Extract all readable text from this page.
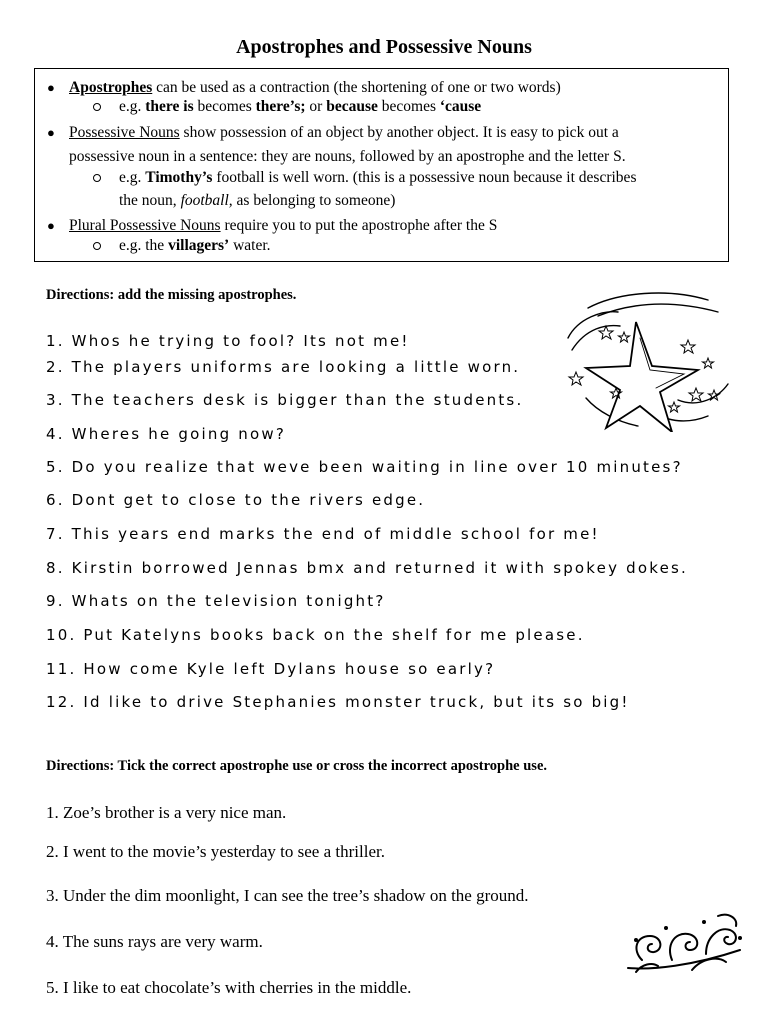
Apostrophes and Possessive Nouns
● Apostrophes can be used as a contraction (the shortening of one or two words)
e.g. there is becomes there’s; or because becomes ‘cause
● Possessive Nouns show possession of an object by another object. It is easy to pick out a
possessive noun in a sentence: they are nouns, followed by an apostrophe and the letter S.
e.g. Timothy’s football is well worn. (this is a possessive noun because it describes
the noun, football, as belonging to someone)
● Plural Possessive Nouns require you to put the apostrophe after the S
e.g. the villagers’ water.
Directions: add the missing apostrophes.
1. Whos he trying to fool? Its not me!
2. The players uniforms are looking a little worn.
3. The teachers desk is bigger than the students.
4. Wheres he going now?
5. Do you realize that weve been waiting in line over 10 minutes?
6. Dont get to close to the rivers edge.
7. This years end marks the end of middle school for me!
8. Kirstin borrowed Jennas bmx and returned it with spokey dokes.
9. Whats on the television tonight?
10. Put Katelyns books back on the shelf for me please.
11. How come Kyle left Dylans house so early?
12. Id like to drive Stephanies monster truck, but its so big!
Directions: Tick the correct apostrophe use or cross the incorrect apostrophe use.
1. Zoe’s brother is a very nice man.
2. I went to the movie’s yesterday to see a thriller.
3. Under the dim moonlight, I can see the tree’s shadow on the ground.
4. The suns rays are very warm.
5. I like to eat chocolate’s with cherries in the middle.
